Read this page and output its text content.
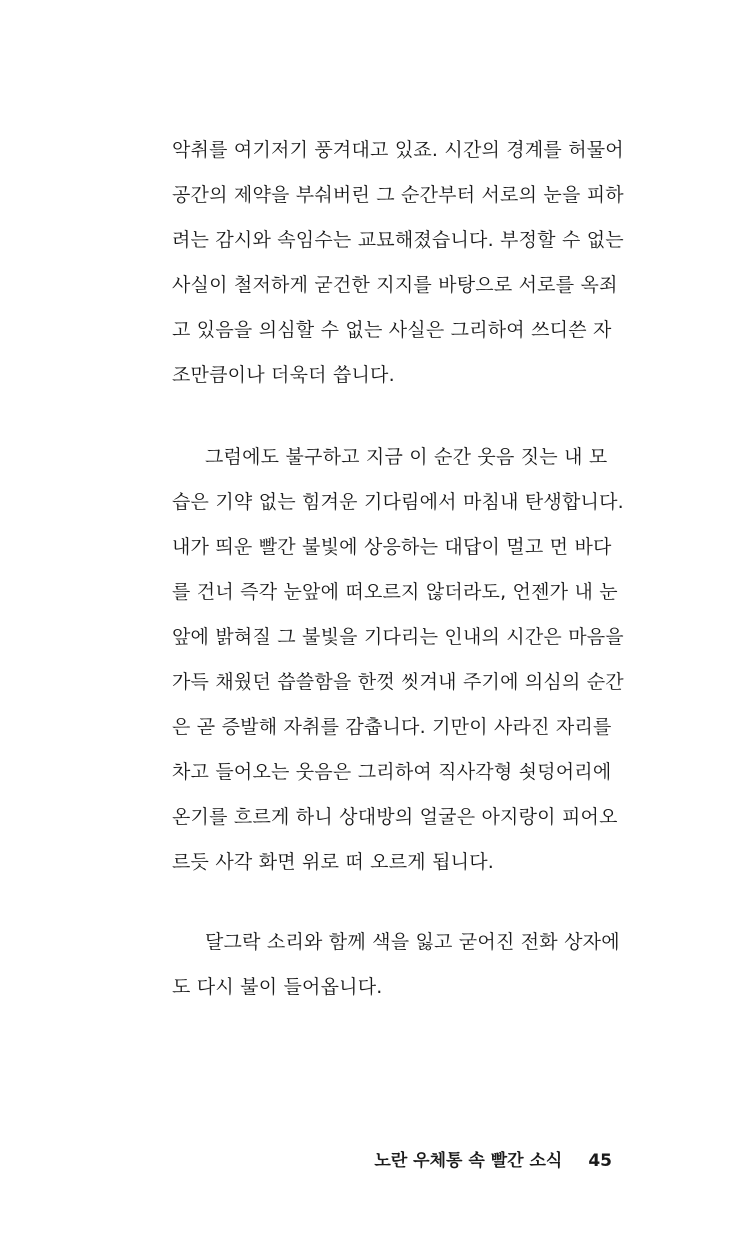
악취를 여기저기 풍겨대고 있죠. 시간의 경계를 허물어
공간의 제약을 부숴버린 그 순간부터 서로의 눈을 피하
려는 감시와 속임수는 교묘해졌습니다. 부정할 수 없는
사실이 철저하게 굳건한 지지를 바탕으로 서로를 옥죄
고 있음을 의심할 수 없는 사실은 그리하여 쓰디쓴 자
조만큼이나 더욱더 씁니다.
그럼에도 불구하고 지금 이 순간 웃음 짓는 내 모
습은 기약 없는 힘겨운 기다림에서 마침내 탄생합니다.
내가 띄운 빨간 불빛에 상응하는 대답이 멀고 먼 바다
를 건너 즉각 눈앞에 떠오르지 않더라도, 언젠가 내 눈
앞에 밝혀질 그 불빛을 기다리는 인내의 시간은 마음을
가득 채웠던 씁쓸함을 한껏 씻겨내 주기에 의심의 순간
은 곧 증발해 자취를 감춥니다. 기만이 사라진 자리를
차고 들어오는 웃음은 그리하여 직사각형 쇳덩어리에
온기를 흐르게 하니 상대방의 얼굴은 아지랑이 피어오
르듯 사각 화면 위로 떠 오르게 됩니다.
달그락 소리와 함께 색을 잃고 굳어진 전화 상자에
도 다시 불이 들어옵니다.
노란 우체통 속 빨간 소식 45
